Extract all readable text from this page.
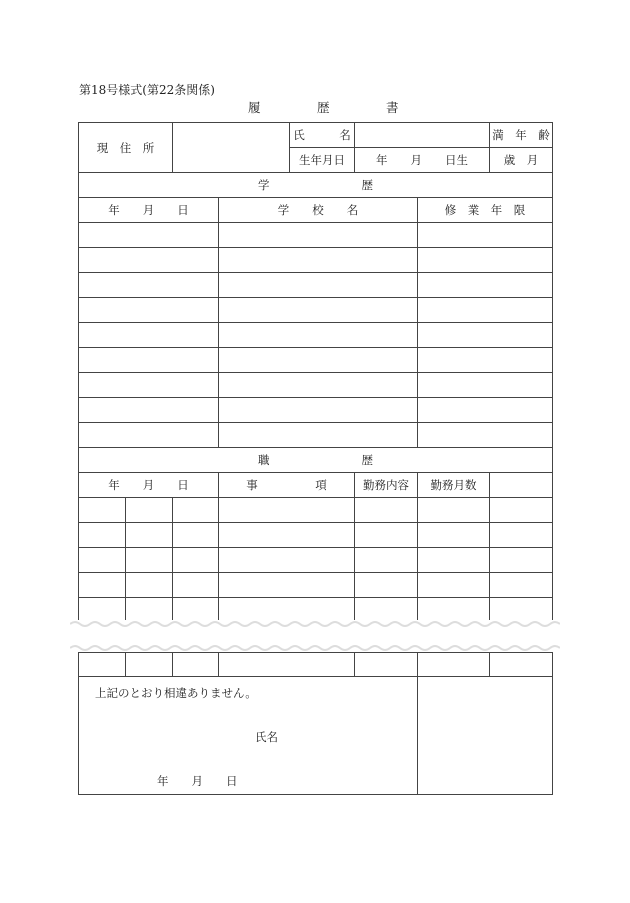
第18号様式(第22条関係)
履	歴	書
現　住　所				氏　　　名			満　年　齢
				生年月日	年　　月　　日生		歳　月
学　　　　　　　　歴							
年　　月　　日			学　　校　　名			修　業　年　限	

職　　　　　　　　歴							
年　　月　　日			事　　　　　項		勤務内容	勤務月数	

上記のとおり相違ありません。
氏名
年　　月　　日						
